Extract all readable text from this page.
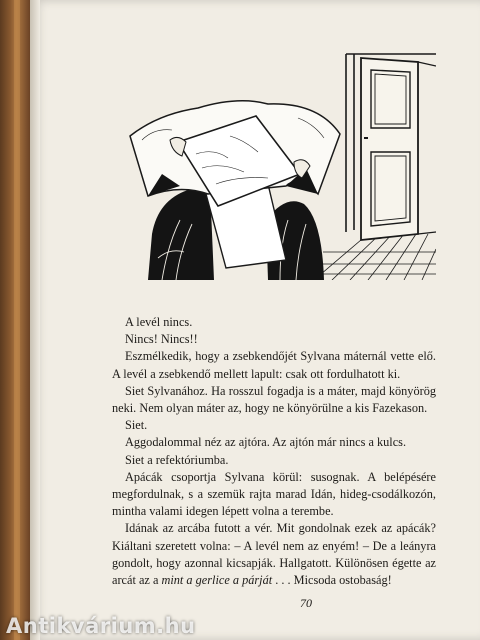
A levél nincs.

Nincs! Nincs!!

Eszmélkedik, hogy a zsebkendőjét Sylvana máternál vette elő. A levél a zsebkendő mellett lapult: csak ott fordulhatott ki.

Siet Sylvanához. Ha rosszul fogadja is a máter, majd könyörög neki. Nem olyan máter az, hogy ne könyörülne a kis Fazekason.

Siet.

Aggodalommal néz az ajtóra. Az ajtón már nincs a kulcs.

Siet a refektóriumba.

Apácák csoportja Sylvana körül: susognak. A belépésére megfordulnak, s a szemük rajta marad Idán, hideg-csodálkozón, mintha valami idegen lépett volna a terembe.

Idának az arcába futott a vér. Mit gondolnak ezek az apácák? Kiáltani szeretett volna: – A levél nem az enyém! – De a leányra gondolt, hogy azonnal kicsapják. Hallgatott. Különösen égette az arcát az a mint a gerlice a párját . . . Micsoda ostobaság!

70
Antikvárium.hu
